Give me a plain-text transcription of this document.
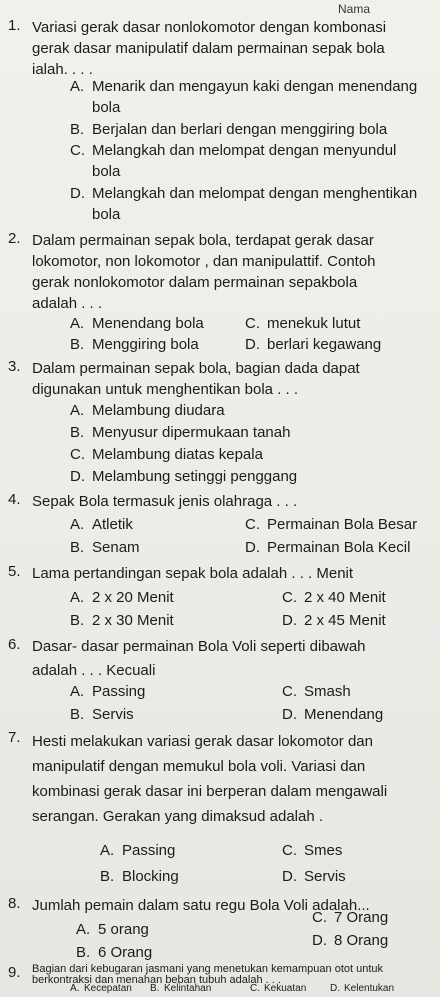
Nama
1. Variasi gerak dasar nonlokomotor dengan kombonasi
gerak dasar manipulatif dalam permainan sepak bola
ialah. . . .
A. Menarik dan mengayun kaki dengan menendang
bola
B. Berjalan dan berlari dengan menggiring bola
C. Melangkah dan melompat dengan menyundul
bola
D. Melangkah dan melompat dengan menghentikan
bola
2. Dalam permainan sepak bola, terdapat gerak dasar
lokomotor, non lokomotor , dan manipulattif. Contoh
gerak nonlokomotor dalam permainan sepakbola
adalah . . .
A. Menendang bola	C. menekuk lutut
B. Menggiring bola	D. berlari kegawang
3. Dalam permainan sepak bola, bagian dada dapat
digunakan untuk menghentikan bola . . .
A. Melambung diudara
B. Menyusur dipermukaan tanah
C. Melambung diatas kepala
D. Melambung setinggi penggang
4. Sepak Bola termasuk jenis olahraga . . .
A. Atletik	C. Permainan Bola Besar
B. Senam	D. Permainan Bola Kecil
5. Lama pertandingan sepak bola adalah . . . Menit
A. 2 x 20 Menit	C. 2 x 40 Menit
B. 2 x 30 Menit	D. 2 x 45 Menit
6. Dasar- dasar permainan Bola Voli seperti dibawah
adalah . . . Kecuali
A. Passing	C. Smash
B. Servis	D. Menendang
7. Hesti melakukan variasi gerak dasar lokomotor dan
manipulatif dengan memukul bola voli. Variasi dan
kombinasi gerak dasar ini berperan dalam mengawali
serangan. Gerakan yang dimaksud adalah .
A. Passing	C. Smes
B. Blocking	D. Servis
8. Jumlah pemain dalam satu regu Bola Voli adalah...
A. 5 orang
C. 7 Orang
B. 6 Orang
D. 8 Orang
9. Bagian dari kebugaran jasmani yang menetukan kemampuan otot untuk berkontraksi dan menahan beban tubuh adalah . . .
A. Kecepatan B. Kelintahan	C. Kekuatan D. Kelentukan
